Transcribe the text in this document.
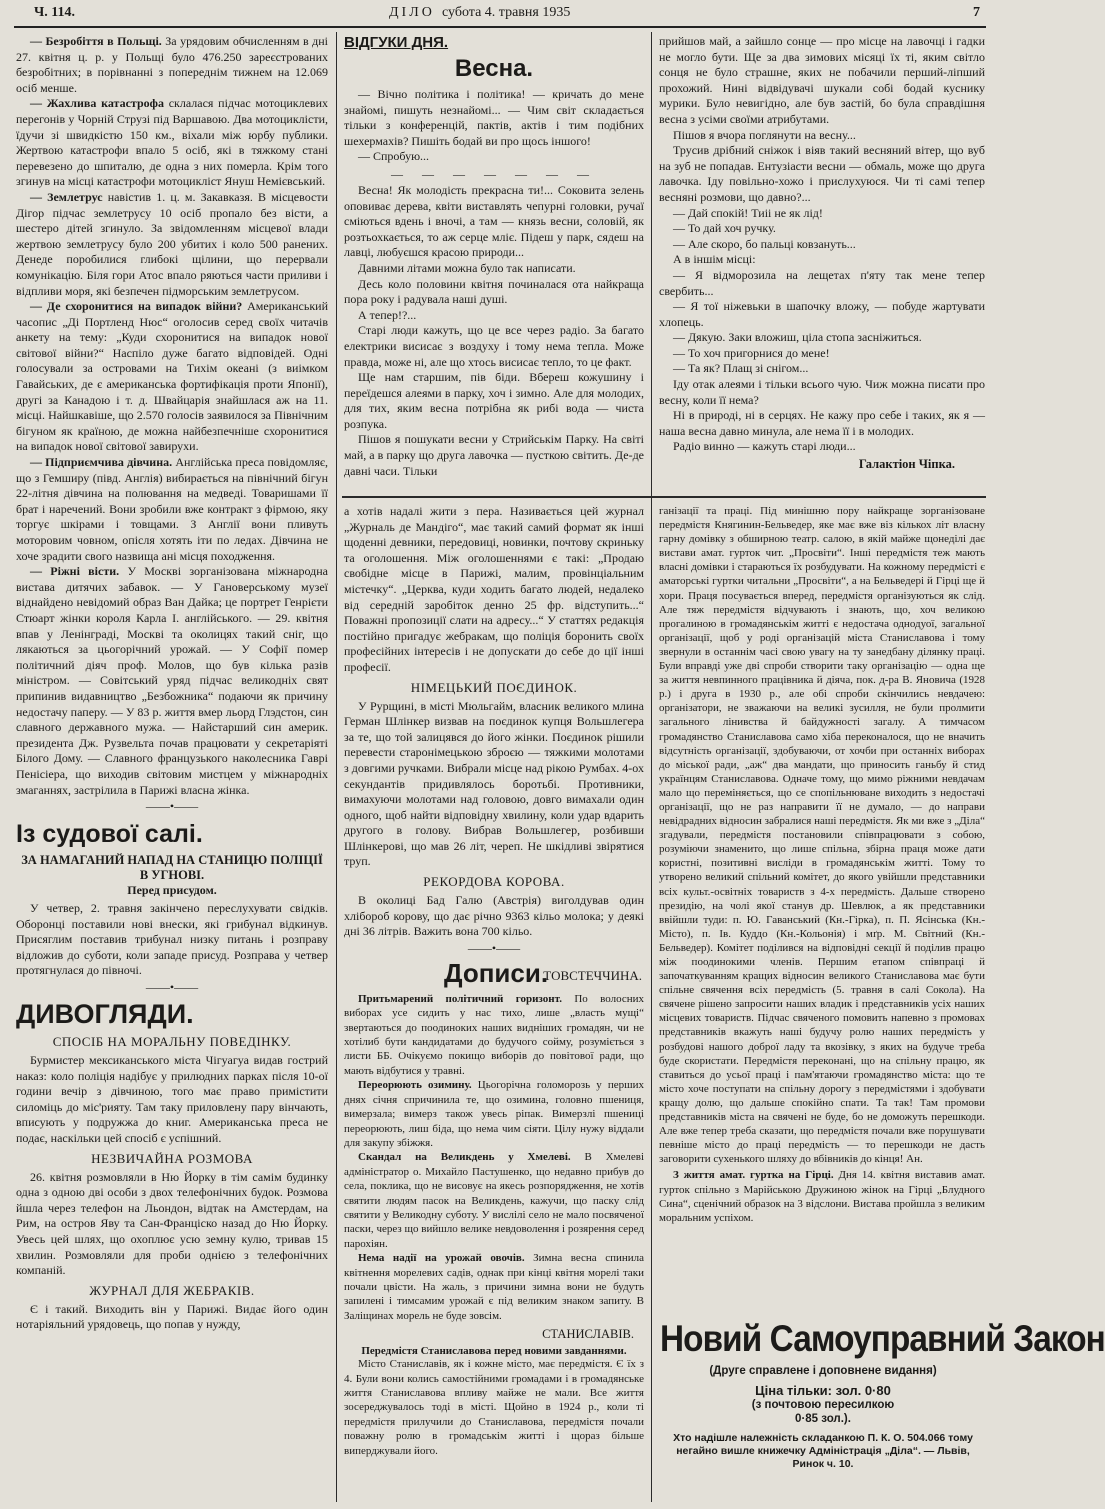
Ч. 114.	ДІЛО субота 4. травня 1935	7

— Безробіття в Польщі. За урядовим обчисленням в днi 27. квітня ц. р. у Польщі було 476.250 зареєстрованих безробітних; в порівнанні з попереднім тижнем на 12.069 осіб менше.

— Жахлива катастрофа склалася підчас мотоциклевих перегонів у Чорній Струзі під Варшавою. Два мотоциклісти, їдучи зі швидкістю 150 км., віхали між юрбу публики. Жертвою катастрофи впало 5 осіб, які в тяжкому стані перевезено до шпиталю, де одна з них померла. Крім того згинув на місці катастрофи мотоцикліст Януш Немієвський.

— Землетрус навістив 1. ц. м. Закавказя. В місцевости Дігор підчас землетрусу 10 осіб пропало без вісти, а шестеро дітей згинуло. За звідомленням місцевої влади жертвою землетрусу було 200 убитих і коло 500 ранених. Денеде поробилися глибокі щілини, що перервали комунікацію. Біля гори Атос впало ряються части приливи і відпливи моря, які безпечен пiдморським землетрусом.

— Де схоронитися на випадок війни? Американський часопис „Ді Портленд Нюс“ оголосив серед своїх читачів анкету на тему: „Куди схоронитися на випадок нової світової війни?“ Наспіло дуже багато відповідей. Одні голосували за островами на Тихім океані (з виімком Гавайських, де є американська фортифікація проти Японії), другі за Канадою і т. д. Швайцарія знайшлася аж на 11. місці. Найшкавіше, що 2.570 голосів заявилося за Північним бігуном як країною, де можна найбезпечніше схоронитися на випадок нової світової завирухи.

— Підприємчива дівчина. Англійська преса повідомляє, що з Гемширу (півд. Англія) вибирається на північний бігун 22-літня дівчина на полювання на медведі. Товаришами її брат і наречений. Вони зробили вже контракт з фірмою, яку торгує шкірами і товщами. З Англії вони пливуть моторовим човном, опісля хотять іти по ледах. Дівчина не хоче зрадити свого назвища ані місця походження.

— Ріжні вісти. У Москві зорганізована міжнародна вистава дитячих забавок. — У Гановерському музеї віднайдено невідомий образ Ван Дайка; це портрет Генрієти Стюарт жінки короля Карла I. англійського. — 29. квітня впав у Ленінграді, Москві та околицях такий сніг, що лякаються за цьогорічний урожай. — У Софії помер політичний діяч проф. Молов, що був кілька разів міністром. — Совітський уряд підчас великодніх свят припинив видавництво „Безбожника“ подаючи як причину недостачу паперу. — У 83 р. життя вмер льорд Глэдстон, син славного державного мужа. — Найстарший син америк. президента Дж. Рузвельта почав працювати у секретаріяті Білого Дому. — Славного французького наколесника Гаврі Пенісіера, що виходив світовим мистцем у міжнародніх змаганнях, застрілила в Парижі власна жінка.

——•——
Із судової салі.
ЗА НАМАГАНИЙ НАПАД НА СТАНИЦЮ ПОЛІЦІЇ В УГНОВІ.
Перед присудом.

У четвер, 2. травня закінчено переслухувати свідків. Оборонці поставили нові внески, які грибунал відкинув. Присяглим поставив трибунал низку питань і розправу відложив до суботи, коли западе присуд. Розправа у четвер протягнулася до півночі.

——•——
ДИВОГЛЯДИ.
СПОСІБ НА МОРАЛЬНУ ПОВЕДІНКУ.

Бурмистер мексиканського міста Чігуагуа видав гострий наказ: коло поліція надібує у прилюдних парках після 10-ої години вечір з дівчиною, того має право примістити силоміць до міс'рияту. Там таку приловлену пару вінчають, вписують у подружжа до книг. Американська преса не подає, наскільки цей спосіб є успішний.

НЕЗВИЧАЙНА РОЗМОВА

26. квітня розмовляли в Ню Йорку в тім самім будинку одна з одною дві особи з двох телефонічних будок. Розмова йшла через телефон на Льондон, відтак на Амстердам, на Рим, на остров Яву та Сан-Франціско назад до Ню Йорку. Увесь цей шлях, що охоплює усю земну кулю, тривав 15 хвилин. Розмовляли для проби однією з телефонічних компаній.

ЖУРНАЛ ДЛЯ ЖЕБРАКІВ.

Є і такий. Виходить він у Парижі. Видає його один нотаріяльний урядовець, що попав у нужду,

ВІДГУКИ ДНЯ.
Весна.

— Вічно політика і політика! — кричать до мене знайомі, пишуть незнайомі... — Чим світ складається тільки з конференцій, пактів, актів і тим подібних шехермахів? Пишіть бодай ви про щось іншого!

— Спробую...

— — — — — — —

Весна! Як молодість прекрасна ти!... Соковита зелень оповиває дерева, квіти виставлять чепурні головки, ручаї сміються вдень і вночі, а там — князь весни, соловій, як розтьохкається, то аж серце мліє. Підеш у парк, сядеш на лавці, любуєшся красою природи...

Давними літами можна було так написати.

Десь коло половини квітня починалася ота найкраща пора року і радувала нашi душі.

А тепер!?...

Старі люди кажуть, що це все через радіо. За багато електрики висисає з воздуху і тому нема тепла. Може правда, може ні, але що хтось висисає тепло, то це факт.

Ще нам старшим, пів біди. Вбереш кожушину і переїдешся алеями в парку, хоч і зимно. Але для молодих, для тих, яким весна потрібна як рибі вода — чиста розпука.

Пішов я пошукати весни у Стрийськім Парку. На світі май, а в парку що друга лавочка — пусткою світить. Де-де давні часи. Тільки

прийшов май, а зайшло сонце — про місце на лавочці і гадки не могло бути. Ще за два зимових місяці їх ті, яким світло сонця не було страшне, яких не побачили перший-ліпший прохожий. Нині відвідувачі шукали собі бодай куснику мурики. Було невигідно, але був застій, бо була справдішня весна з усіми своїми атрибутами.

Пішов я вчора поглянути на весну...

Трусив дрібний сніжок і віяв такий весняний вітер, що вуб на зуб не попадав. Ентузіасти весни — обмаль, може що друга лавочка. Іду повільно-хожо і прислухуюся. Чи ті самі тепер весняні розмови, що давно?...

— Дай спокій! Тиіі не як лід!

— То дай хоч ручку.

— Але скоро, бо пальці ковзануть...

А в іншім місці:

— Я відморозила на лещетах п'яту так мене тепер свербить...

— Я тої ніжевьки в шапочку вложу, — побуде жартувати хлопець.

— Дякую. Заки вложиш, ціла стопа заснiжиться.

— То хоч пригорнися до мене!

— Та як? Плащ зі снігом...

Іду отак алеями і тільки всього чую. Чиж можна писати про весну, коли її нема?

Ні в природі, ні в серцях. Не кажу про себе і таких, як я — наша весна давно минула, але нема її і в молодих.

Радіо винно — кажуть старі люди...

Галактіон Чіпка.

а хотів надалі жити з пера. Називається цей журнал „Журналь де Мандіго“, має такий самий формат як інші щоденні девники, передовиці, новинки, почтову скриньку та оголошення. Між оголошеннями є такі: „Продаю свобідне місце в Парижі, малим, провінціальним містечку“. „Церква, куди ходить багато людей, недалеко від середній заробіток денно 25 фр. відступить...“ Поважні пропозиції слати на адресу...“ У статтях редакція постійно пригадує жебракам, що поліція боронить своїх професійних інтересів і не допускати до себе до ції інші професії.

НІМЕЦЬКИЙ ПОЄДИНОК.

У Рурщині, в місті Мюльгайм, власник великого млина Герман Шлінкер визвав на поєдинок купця Вольшлегера за те, що той залицявся до його жінки. Поєдинок рішили перевести старонімецькою зброєю — тяжкими молотами з довгими ручками. Вибрали місце над рікою Румбах. 4-ох секундантів придивлялось боротьбі. Противники, вимахуючи молотами над головою, довго вимахали один одного, щоб найти відповідну хвилину, коли удар вдарить другого в голову. Вибрав Вольшлегер, розбивши Шлінкерові, що мав 26 літ, череп. Не шкідливі звірятися труп.

РЕКОРДОВА КОРОВА.

В околиці Бад Галю (Австрія) виголдував один хлібороб корову, що дає річно 9363 кільо молока; у деякі дні 36 літрів. Важить вона 700 кільо.

——•——
Дописи.
ТОВСТЕЧЧИНА.

Притьмарений політичний горизонт. По волосних виборах усе сидить у нас тихо, лише „власть мущі“ звертаються до поодиноких наших видніших громадян, чи не хотілиб бути кандидатами до будучого сойму, розуміється з листи ББ. Очікуємо покищо виборів до повітової ради, що мають відбутися у травні.

Переорюють озимину. Цьогорічна голоморозь у перших днях січня спричинила те, що озимина, головно пшениця, вимерзала; вимерз також увесь ріпак. Вимерзлі пшениці переорюють, лиш біда, що нема чим сіяти. Цілу нужу віддали для закупу збіжжя.

Скандал на Великдень у Хмелеві. В Хмелеві адміністратор о. Михайло Пастушенко, що недавно прибув до села, поклика, що не висовує на якесь розпорядження, не хотів святити людям пасок на Великдень, кажучи, що паску слід святити у Великодну суботу. У вислілі село не мало посвяченої паски, через що вийшло велике невдоволення і розярення серед парохіян.

Нема надії на урожай овочів. Зимна весна спинила квітнення морелевих садів, однак при кінці квітня морелі таки почали цвісти. На жаль, з причини зимна вони не будуть запилені і тимсамим урожай є під великим знаком запиту. В Заліщинах морель не буде зовсім.

СТАНИСЛАВІВ.
Передмістя Станиславова перед новими завданнями.

Місто Станиславів, як і кожне місто, має передмістя. Є їх з 4. Були вони колись самостійними громадами і в громадянське життя Станиславова впливу майже не мали. Все життя зосереджувалось тоді в місті. Щойно в 1924 р., коли ті передмістя прилучили до Станиславова, передмістя почали поважну ролю в громадськім житті і щораз більше виперджували його.

ганізації та праці. Під минішню пору найкраще зорганізоване передмістя Княгинин-Бельведер, яке має вже віз кількох літ власну гарну домівку з обширною театр. салою, в якій майже щонеділі дає вистави амат. гурток чит. „Просвіти“. Інші передмістя теж мають власні домівки і стараються їх розбудувати. На кожному передмісті є аматорські гуртки читальни „Просвіти“, а на Бельведері й Гірці ще й хори. Праця посувається вперед, передмістя організуються як слід. Але тяж передмістя відчувають і знають, що, хоч великою прогалиною в громадянськім житті є недостача однодуої, загальної організації, щоб у роді організацій міста Станиславова і тому звернули в останнім часі свою увагу на ту занедбану ділянку праці. Були вправді уже дві спроби створити таку організацію — одна ще за життя невпинного працівника й діяча, пок. д-ра В. Яновича (1928 р.) і друга в 1930 р., але обі спроби скінчились невдачею: організатори, не зважаючи на великі зусилля, не були пролмити загального лінивства й байдужності загалу. А тимчасом громадянство Станиславова само хіба переконалося, що не вначить відсутність організації, здобуваючи, от хочби при останніх виборах до міської ради, „аж“ два мандати, що приносить ганьбу й стид українцям Станиславова. Одначе тому, що мимо ріжними невдачам мало що переміняється, що се спопільнюване виходить з недостачі організації, що не раз направити її не думало, — до направи невідрадних відносин забралися наші передмістя. Як ми вже з „Діла“ згадували, передмістя постановили співпрацювати з собою, розуміючи знаменито, що лише спільна, збірна праця може дати користні, позитивні висліди в громадянськім житті. Тому то утворено великий спільний комітет, до якого увійшли представники всіх культ.-освітніх товариств з 4-х передмість. Дальше створено президію, на чолі якої станув др. Шевлюк, а як представники ввійшли туди: п. Ю. Гаванський (Кн.-Гірка), п. П. Ясінська (Кн.-Місто), п. Ів. Куддо (Кн.-Кольонія) і мґр. М. Світний (Кн.-Бельведер). Комітет поділився на відповідні секції й поділив працю між поодинокими членів. Першим етапом співпраці й започаткуванням кращих відносин великого Станиславова має бути спільне свячення всіх передмість (5. травня в салі Сокола). На свячене рішено запросити наших владик і представників усіх наших місцевих товариств. Підчас свяченого помовить напевно з промовах представників вкажуть наші будучу ролю наших передмість у розбудові нашого доброї ладу та вкозівку, з яких на будуче треба буде скористати. Передмістя переконані, що на спільну працю, як ставиться до усьої праці і пам'ятаючи громадянство міста: що те місто хоче поступати на спільну дорогу з передмістями і здобувати кращу долю, що дальше спокійно спати. Та так! Там промови представників міста на свячені не буде, бо не доможуть перешкоди. Але вже тепер треба сказати, що передмістя почали вже порушувати певніше місто до праці передмість — то перешкоди не дасть заговорити сухенького шляху до вбівників до кінця! Ан.

З життя амат. гуртка на Гірці. Дня 14. квітня виставив амат. гурток спільно з Марійською Дружиною жінок на Гірці „Блудного Сина“, сценічний образок на 3 відслони. Вистава пройшла з великим моральним успіхом.

Новий Самоуправний Закон
(Друге справлене і доповнене видання)
Ціна тільки: зол. 0·80
(з почтовою пересилкою
0·85 зол.).
Хто надішле належність складанкою П. К. О. 504.066 тому негайно вишле книжечку Адміністрація „Діла“. — Львів, Ринок ч. 10.
